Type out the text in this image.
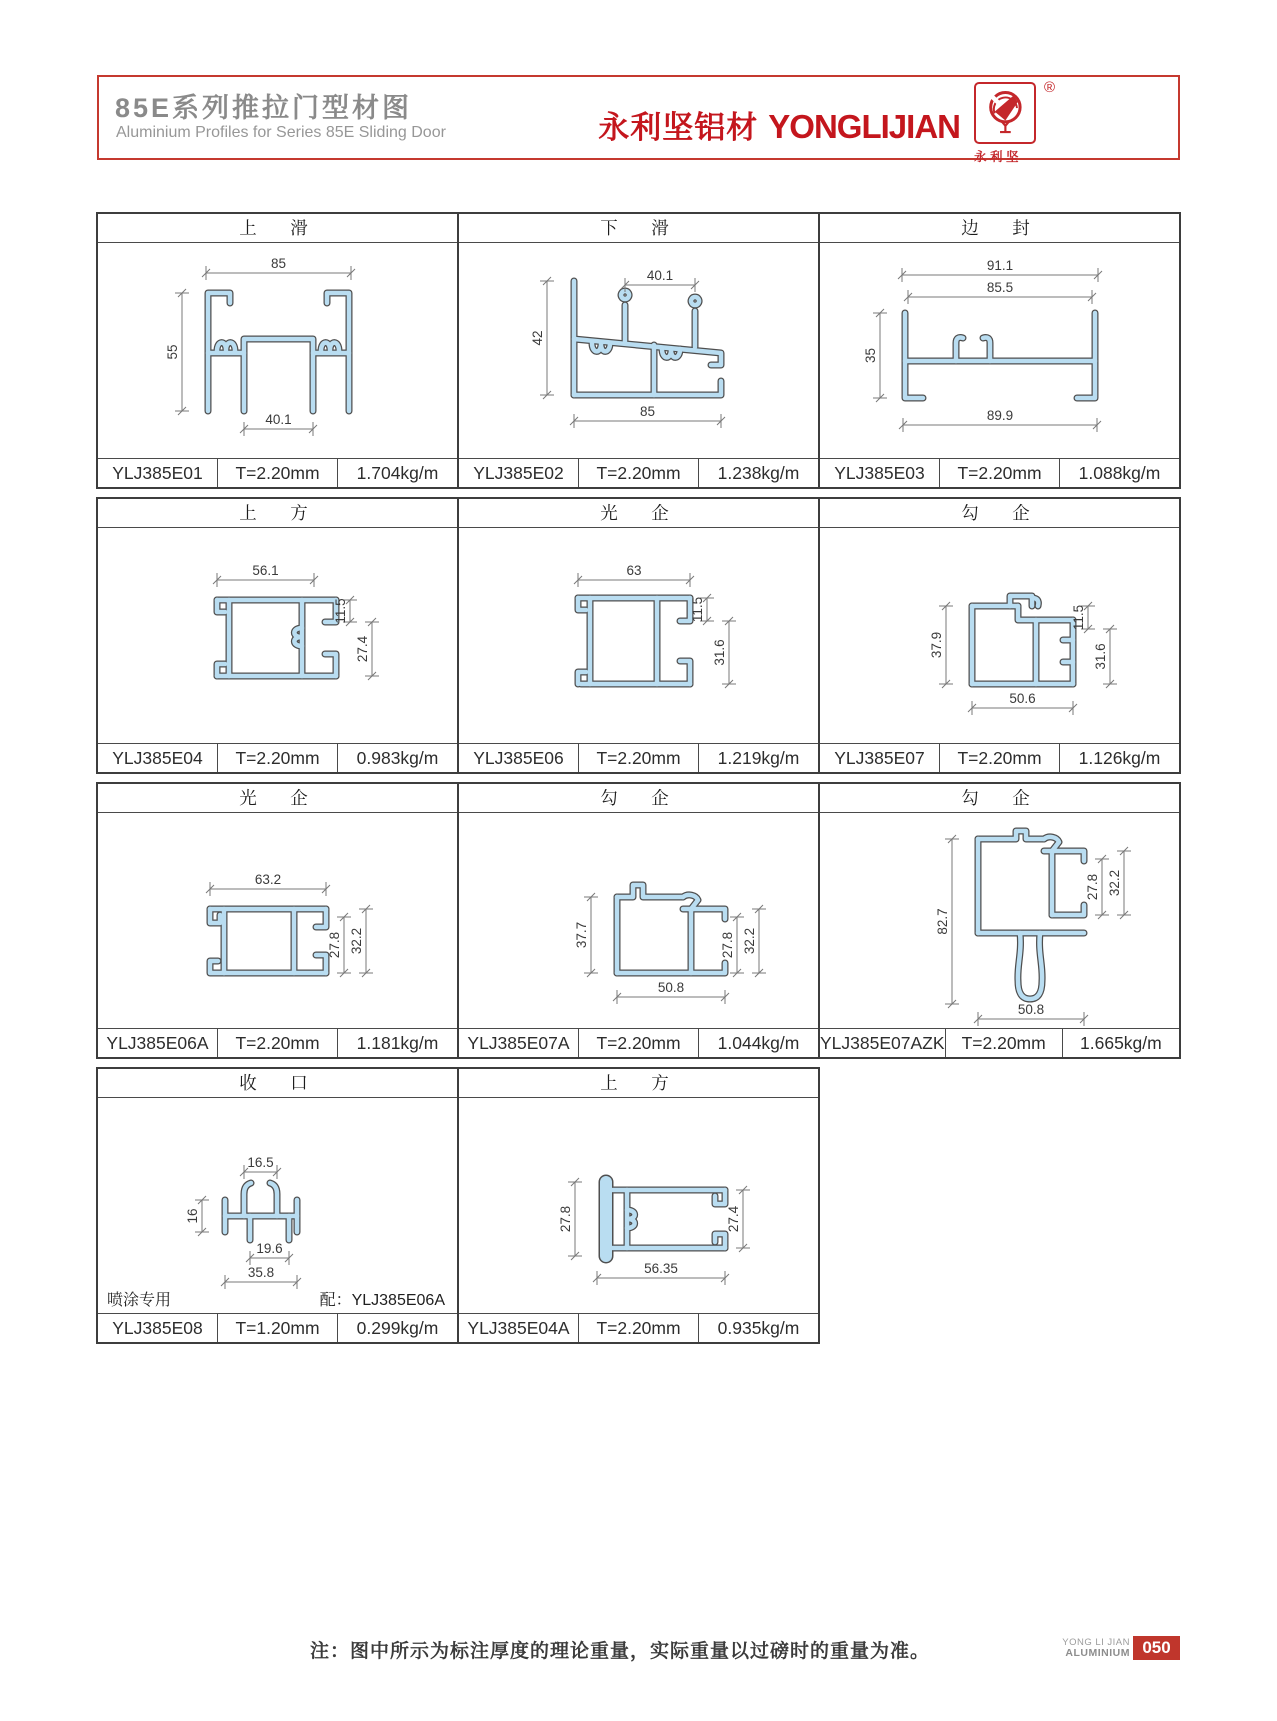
85E系列推拉门型材图
Aluminium Profiles for Series 85E Sliding Door	永利坚铝材 YONGLIJIAN
®
永 利 坚
上　滑
85
55
40.1
YLJ385E01	T=2.20mm	1.704kg/m
下　滑
40.1
42
85
YLJ385E02	T=2.20mm	1.238kg/m
边　封
91.1
85.5
35
89.9
YLJ385E03	T=2.20mm	1.088kg/m
上　方
56.1
11.5
27.4
YLJ385E04	T=2.20mm	0.983kg/m
光　企
63
11.5
31.6
YLJ385E06	T=2.20mm	1.219kg/m
勾　企
37.9
11.5
31.6
50.6
YLJ385E07	T=2.20mm	1.126kg/m
光　企
63.2
27.8 32.2
YLJ385E06A	T=2.20mm	1.181kg/m
勾　企
37.7	27.8 32.2
50.8
YLJ385E07A	T=2.20mm	1.044kg/m
勾　企
27.8 32.2
82.7
50.8
YLJ385E07AZK T=2.20mm	1.665kg/m
收　口
16.5
16
19.6
35.8
喷涂专用	配：YLJ385E06A
YLJ385E08	T=1.20mm	0.299kg/m
上　方
27.8	27.4
56.35
YLJ385E04A	T=2.20mm	0.935kg/m
注：图中所示为标注厚度的理论重量，实际重量以过磅时的重量为准。	YONG LI JIAN
ALUMINIUM 050
